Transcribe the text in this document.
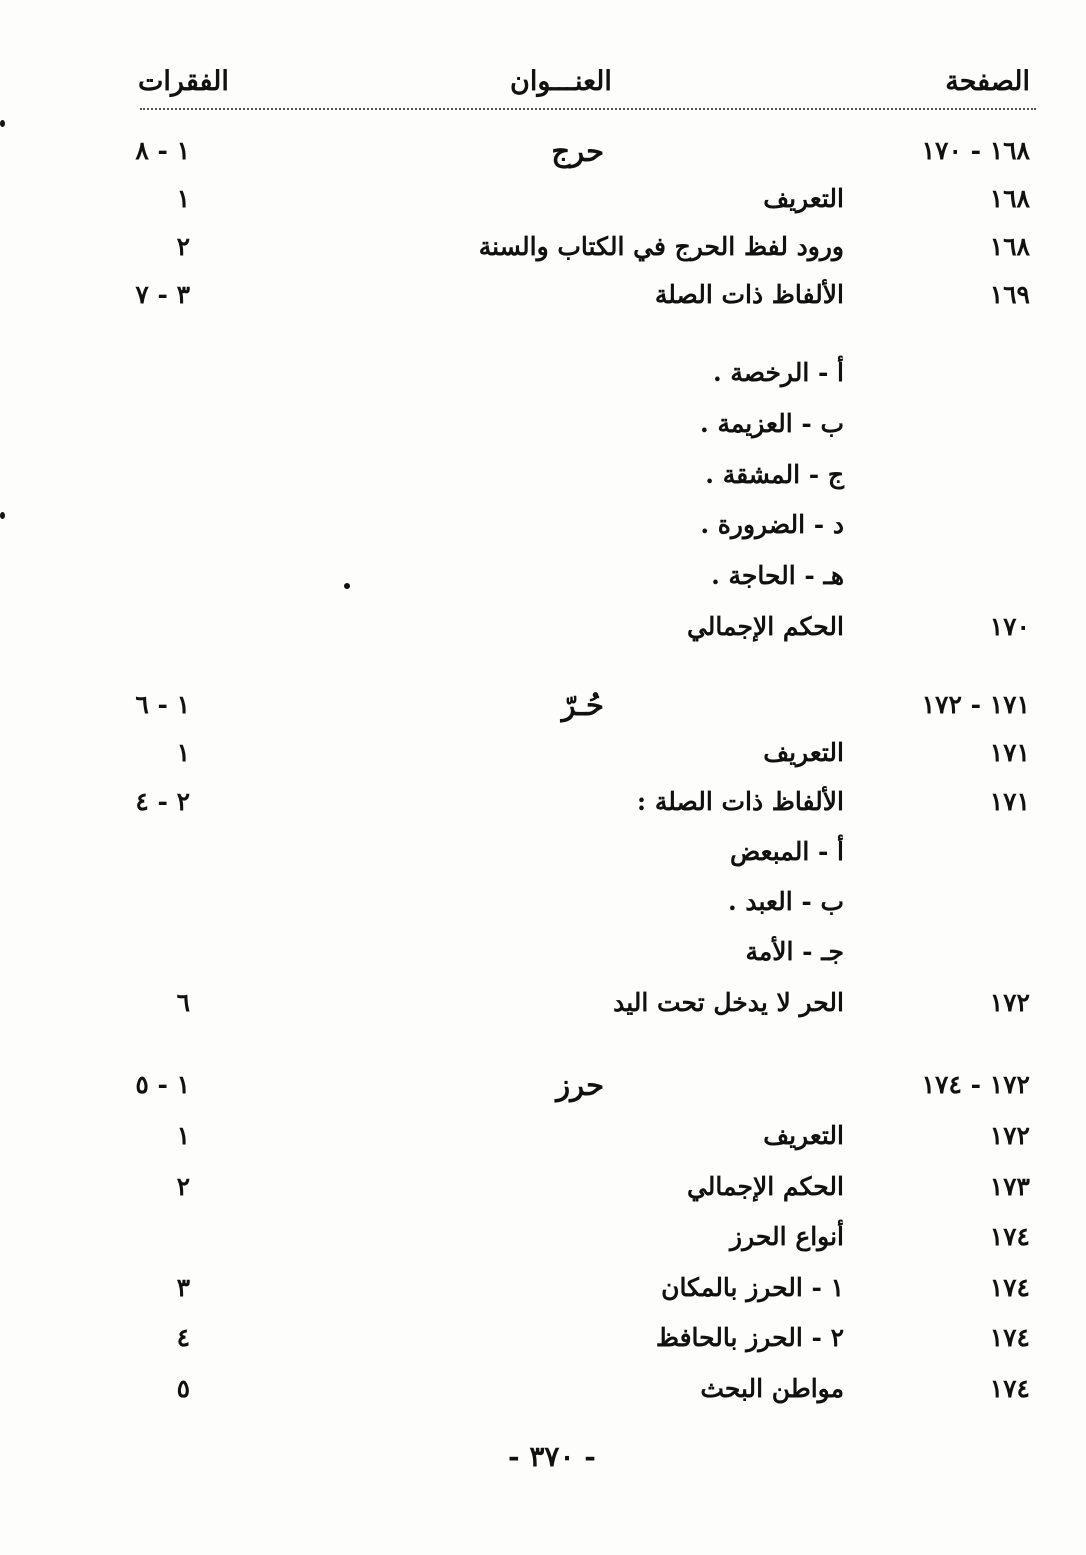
الصفحة
العنـــوان
الفقرات
١٦٨ - ١٧٠
حرج
١ - ٨
١٦٨
التعريف
١
١٦٨
ورود لفظ الحرج في الكتاب والسنة
٢
١٦٩
الألفاظ ذات الصلة
٣ - ٧
أ - الرخصة .
ب - العزيمة .
ج - المشقة .
د - الضرورة .
هـ - الحاجة .
١٧٠
الحكم الإجمالي
١٧١ - ١٧٢
حُـرّ
١ - ٦
١٧١
التعريف
١
١٧١
الألفاظ ذات الصلة :
٢ - ٤
أ - المبعض
ب - العبد .
جـ - الأمة
١٧٢
الحر لا يدخل تحت اليد
٦
١٧٢ - ١٧٤
حرز
١ - ٥
١٧٢
التعريف
١
١٧٣
الحكم الإجمالي
٢
١٧٤
أنواع الحرز
١٧٤
١ - الحرز بالمكان
٣
١٧٤
٢ - الحرز بالحافظ
٤
١٧٤
مواطن البحث
٥
- ٣٧٠ -
